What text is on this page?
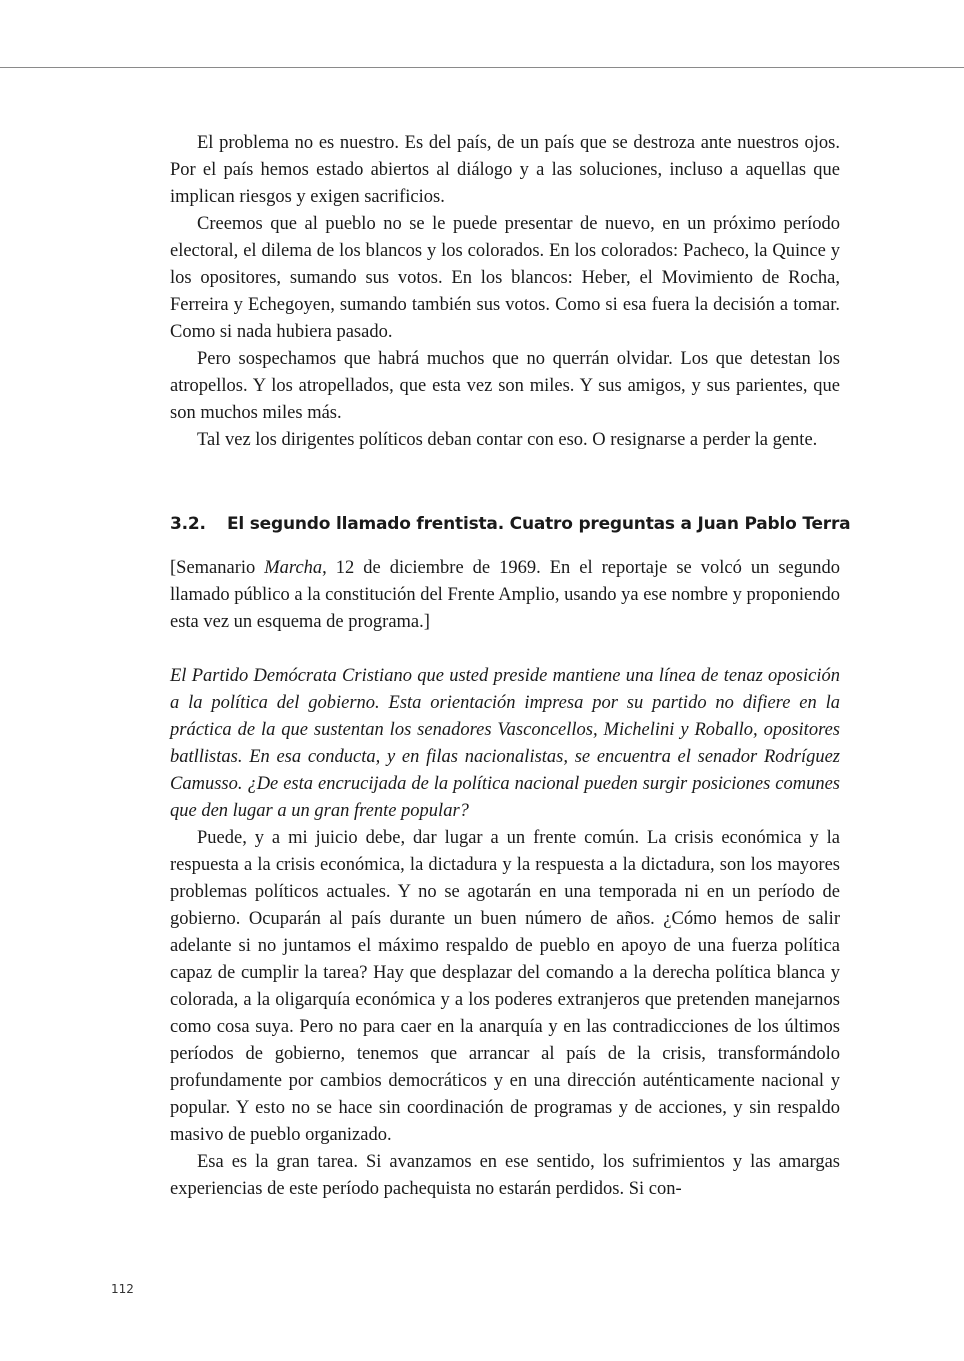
El problema no es nuestro. Es del país, de un país que se destroza ante nuestros ojos. Por el país hemos estado abiertos al diálogo y a las soluciones, incluso a aquellas que implican riesgos y exigen sacrificios.

Creemos que al pueblo no se le puede presentar de nuevo, en un próximo período electoral, el dilema de los blancos y los colorados. En los colorados: Pacheco, la Quince y los opositores, sumando sus votos. En los blancos: Heber, el Movimiento de Rocha, Ferreira y Echegoyen, sumando también sus votos. Como si esa fuera la decisión a tomar. Como si nada hubiera pasado.

Pero sospechamos que habrá muchos que no querrán olvidar. Los que detestan los atropellos. Y los atropellados, que esta vez son miles. Y sus amigos, y sus parientes, que son muchos miles más.

Tal vez los dirigentes políticos deban contar con eso. O resignarse a perder la gente.

3.2. El segundo llamado frentista. Cuatro preguntas a Juan Pablo Terra

[Semanario Marcha, 12 de diciembre de 1969. En el reportaje se volcó un segundo llamado público a la constitución del Frente Amplio, usando ya ese nombre y proponiendo esta vez un esquema de programa.]

El Partido Demócrata Cristiano que usted preside mantiene una línea de tenaz oposición a la política del gobierno. Esta orientación impresa por su partido no difiere en la práctica de la que sustentan los senadores Vasconcellos, Michelini y Roballo, opositores batllistas. En esa conducta, y en filas nacionalistas, se encuentra el senador Rodríguez Camusso. ¿De esta encrucijada de la política nacional pueden surgir posiciones comunes que den lugar a un gran frente popular?

Puede, y a mi juicio debe, dar lugar a un frente común. La crisis económica y la respuesta a la crisis económica, la dictadura y la respuesta a la dictadura, son los mayores problemas políticos actuales. Y no se agotarán en una temporada ni en un período de gobierno. Ocuparán al país durante un buen número de años. ¿Cómo hemos de salir adelante si no juntamos el máximo respaldo de pueblo en apoyo de una fuerza política capaz de cumplir la tarea? Hay que desplazar del comando a la derecha política blanca y colorada, a la oligarquía económica y a los poderes extranjeros que pretenden manejarnos como cosa suya. Pero no para caer en la anarquía y en las contradicciones de los últimos períodos de gobierno, tenemos que arrancar al país de la crisis, transformándolo profundamente por cambios democráticos y en una dirección auténticamente nacional y popular. Y esto no se hace sin coordinación de programas y de acciones, y sin respaldo masivo de pueblo organizado.

Esa es la gran tarea. Si avanzamos en ese sentido, los sufrimientos y las amargas experiencias de este período pachequista no estarán perdidos. Si con-

112
